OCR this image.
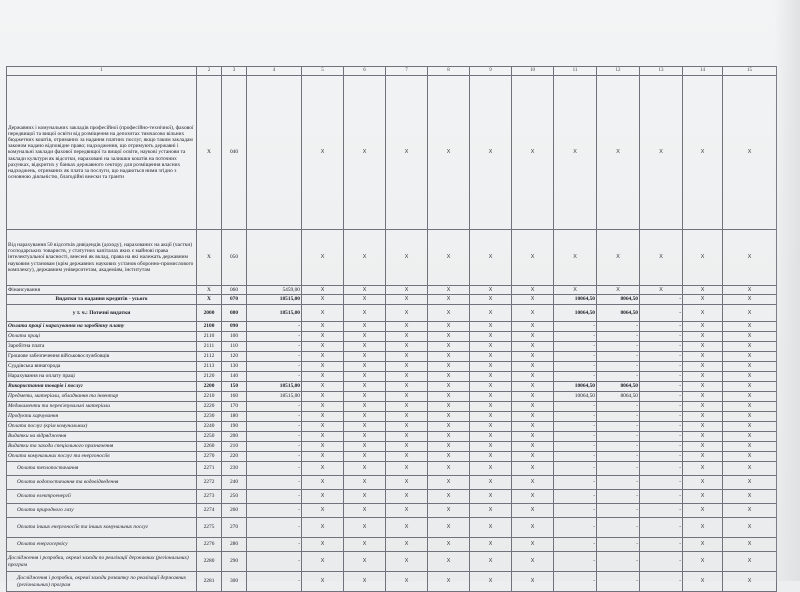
1	2	3	4	5	6	7	8	9	10	11	12	13	14	15
Державних і комунальних закладів професійної (професійно-технічної), фахової передвищої та вищої освіти від розміщення на депозитах тимчасово вільних бюджетних коштів, отриманих за надання платних послуг, якщо таким закладам законом надано відповідне право; надходження, що отримують державні і комунальні заклади фахової передвищої та вищої освіти, наукові установи та заклади культури як відсотки, нараховані на залишки коштів на поточних рахунках, відкритих у банках державного сектору для розміщення власних надходжень, отриманих як плата за послуги, що надаються ними згідно з основною діяльністю, благодійні внески та гранти	X	040		X	X	X	X	X	X	X	X	X	X	X
Від нарахування 50 відсотків дивідендів (доходу), нарахованих на акції (частки) господарських товариств, у статутних капіталах яких є майнові права інтелектуальної власності, внесені як вклад, права на які належать державним науковим установам (крім державних наукових установ оборонно-промислового комплексу), державним університетам, академіям, інститутам	X	050		X	X	X	X	X	X	X	X	X	X	X
Фінансування	X	060	5459,00	X	X	X	X	X	X	X	X	X	X	X
Видатки та надання кредитів - усього	X	070	18515,00	X	X	X	X	X	X	10064,50	8064,50	-	X	X
у т. ч.: Поточні видатки	2000	080	18515,00	X	X	X	X	X	X	10064,50	8064,50	-	X	X
Оплата праці і нарахування на заробітну плату	2100	090	-	X	X	X	X	X	X	-	-	-	X	X
Оплата праці	2110	100	-	X	X	X	X	X	X	-	-	-	X	X
Заробітна плата	2111	110	-	X	X	X	X	X	X	-	-	-	X	X
Грошове забезпечення військовослужбовців	2112	120	-	X	X	X	X	X	X	-	-	-	X	X
Суддівська винагорода	2113	130	-	X	X	X	X	X	X	-	-	-	X	X
Нарахування на оплату праці	2120	140	-	X	X	X	X	X	X	-	-	-	X	X
Використання товарів і послуг	2200	150	18515,00	X	X	X	X	X	X	10064,50	8064,50	-	X	X
Предмети, матеріали, обладнання та інвентар	2210	160	18515,00	X	X	X	X	X	X	10064,50	8064,50	-	X	X
Медикаменти та перев'язувальні матеріали	2220	170	-	X	X	X	X	X	X	-	-	-	X	X
Продукти харчування	2230	180	-	X	X	X	X	X	X	-	-	-	X	X
Оплата послуг (крім комунальних)	2240	190	-	X	X	X	X	X	X	-	-	-	X	X
Видатки на відрядження	2250	200	-	X	X	X	X	X	X	-	-	-	X	X
Видатки та заходи спеціального призначення	2260	210	-	X	X	X	X	X	X	-	-	-	X	X
Оплата комунальних послуг та енергоносіїв	2270	220	-	X	X	X	X	X	X	-	-	-	X	X
Оплата теплопостачання	2271	230	-	X	X	X	X	X	X	-	-	-	X	X
Оплата водопостачання та водовідведення	2272	240	-	X	X	X	X	X	X	-	-	-	X	X
Оплата електроенергії	2273	250	-	X	X	X	X	X	X	-	-	-	X	X
Оплата природного газу	2274	260	-	X	X	X	X	X	X	-	-	-	X	X
Оплата інших енергоносіїв та інших комунальних послуг	2275	270	-	X	X	X	X	X	X	-	-	-	X	X
Оплата енергосервісу	2276	280	-	X	X	X	X	X	X	-	-	-	X	X
Дослідження і розробки, окремі заходи по реалізації державних (регіональних) програм	2280	290	-	X	X	X	X	X	X	-	-	-	X	X
Дослідження і розробки, окремі заходи розвитку по реалізації державних (регіональних) програм	2281	300	-	X	X	X	X	X	X	-	-	-	X	X
